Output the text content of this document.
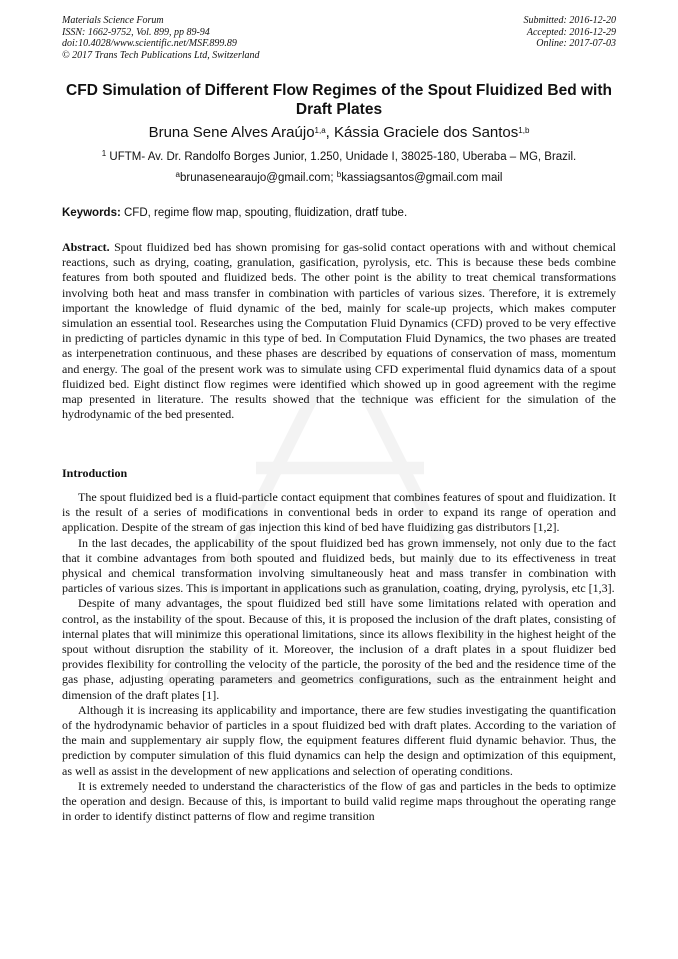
Materials Science Forum
ISSN: 1662-9752, Vol. 899, pp 89-94
doi:10.4028/www.scientific.net/MSF.899.89
© 2017 Trans Tech Publications Ltd, Switzerland
Submitted: 2016-12-20
Accepted: 2016-12-29
Online: 2017-07-03
CFD Simulation of Different Flow Regimes of the Spout Fluidized Bed with Draft Plates
Bruna Sene Alves Araújo$^{1,a}$, Kássia Graciele dos Santos$^{1,b}$
$^1$ UFTM- Av. Dr. Randolfo Borges Junior, 1.250, Unidade I, 38025-180, Uberaba – MG, Brazil.
$^a$brunasenearaujo@gmail.com; $^b$kassiagsantos@gmail.com mail
Keywords: CFD, regime flow map, spouting, fluidization, dratf tube.

Abstract. Spout fluidized bed has shown promising for gas-solid contact operations with and without chemical reactions, such as drying, coating, granulation, gasification, pyrolysis, etc. This is because these beds combine features from both spouted and fluidized beds. The other point is the ability to treat chemical transformations involving both heat and mass transfer in combination with particles of various sizes. Therefore, it is extremely important the knowledge of fluid dynamic of the bed, mainly for scale-up projects, which makes computer simulation an essential tool. Researches using the Computation Fluid Dynamics (CFD) proved to be very effective in predicting of particles dynamic in this type of bed. In Computation Fluid Dynamics, the two phases are treated as interpenetration continuous, and these phases are described by equations of conservation of mass, momentum and energy. The goal of the present work was to simulate using CFD experimental fluid dynamics data of a spout fluidized bed. Eight distinct flow regimes were identified which showed up in good agreement with the regime map presented in literature. The results showed that the technique was efficient for the simulation of the hydrodynamic of the bed presented.

Introduction

The spout fluidized bed is a fluid-particle contact equipment that combines features of spout and fluidization. It is the result of a series of modifications in conventional beds in order to expand its range of operation and application. Despite of the stream of gas injection this kind of bed have fluidizing gas distributors [1,2].

In the last decades, the applicability of the spout fluidized bed has grown immensely, not only due to the fact that it combine advantages from both spouted and fluidized beds, but mainly due to its effectiveness in treat physical and chemical transformation involving simultaneously heat and mass transfer in combination with particles of various sizes. This is important in applications such as granulation, coating, drying, pyrolysis, etc [1,3].

Despite of many advantages, the spout fluidized bed still have some limitations related with operation and control, as the instability of the spout. Because of this, it is proposed the inclusion of the draft plates, consisting of internal plates that will minimize this operational limitations, since its allows flexibility in the highest height of the spout without disruption the stability of it. Moreover, the inclusion of a draft plates in a spout fluidizer bed provides flexibility for controlling the velocity of the particle, the porosity of the bed and the residence time of the gas phase, adjusting operating parameters and geometrics configurations, such as the entrainment height and dimension of the draft plates [1].

Although it is increasing its applicability and importance, there are few studies investigating the quantification of the hydrodynamic behavior of particles in a spout fluidized bed with draft plates. According to the variation of the main and supplementary air supply flow, the equipment features different fluid dynamic behavior. Thus, the prediction by computer simulation of this fluid dynamics can help the design and optimization of this equipment, as well as assist in the development of new applications and selection of operating conditions.

It is extremely needed to understand the characteristics of the flow of gas and particles in the beds to optimize the operation and design. Because of this, is important to build valid regime maps throughout the operating range in order to identify distinct patterns of flow and regime transition
